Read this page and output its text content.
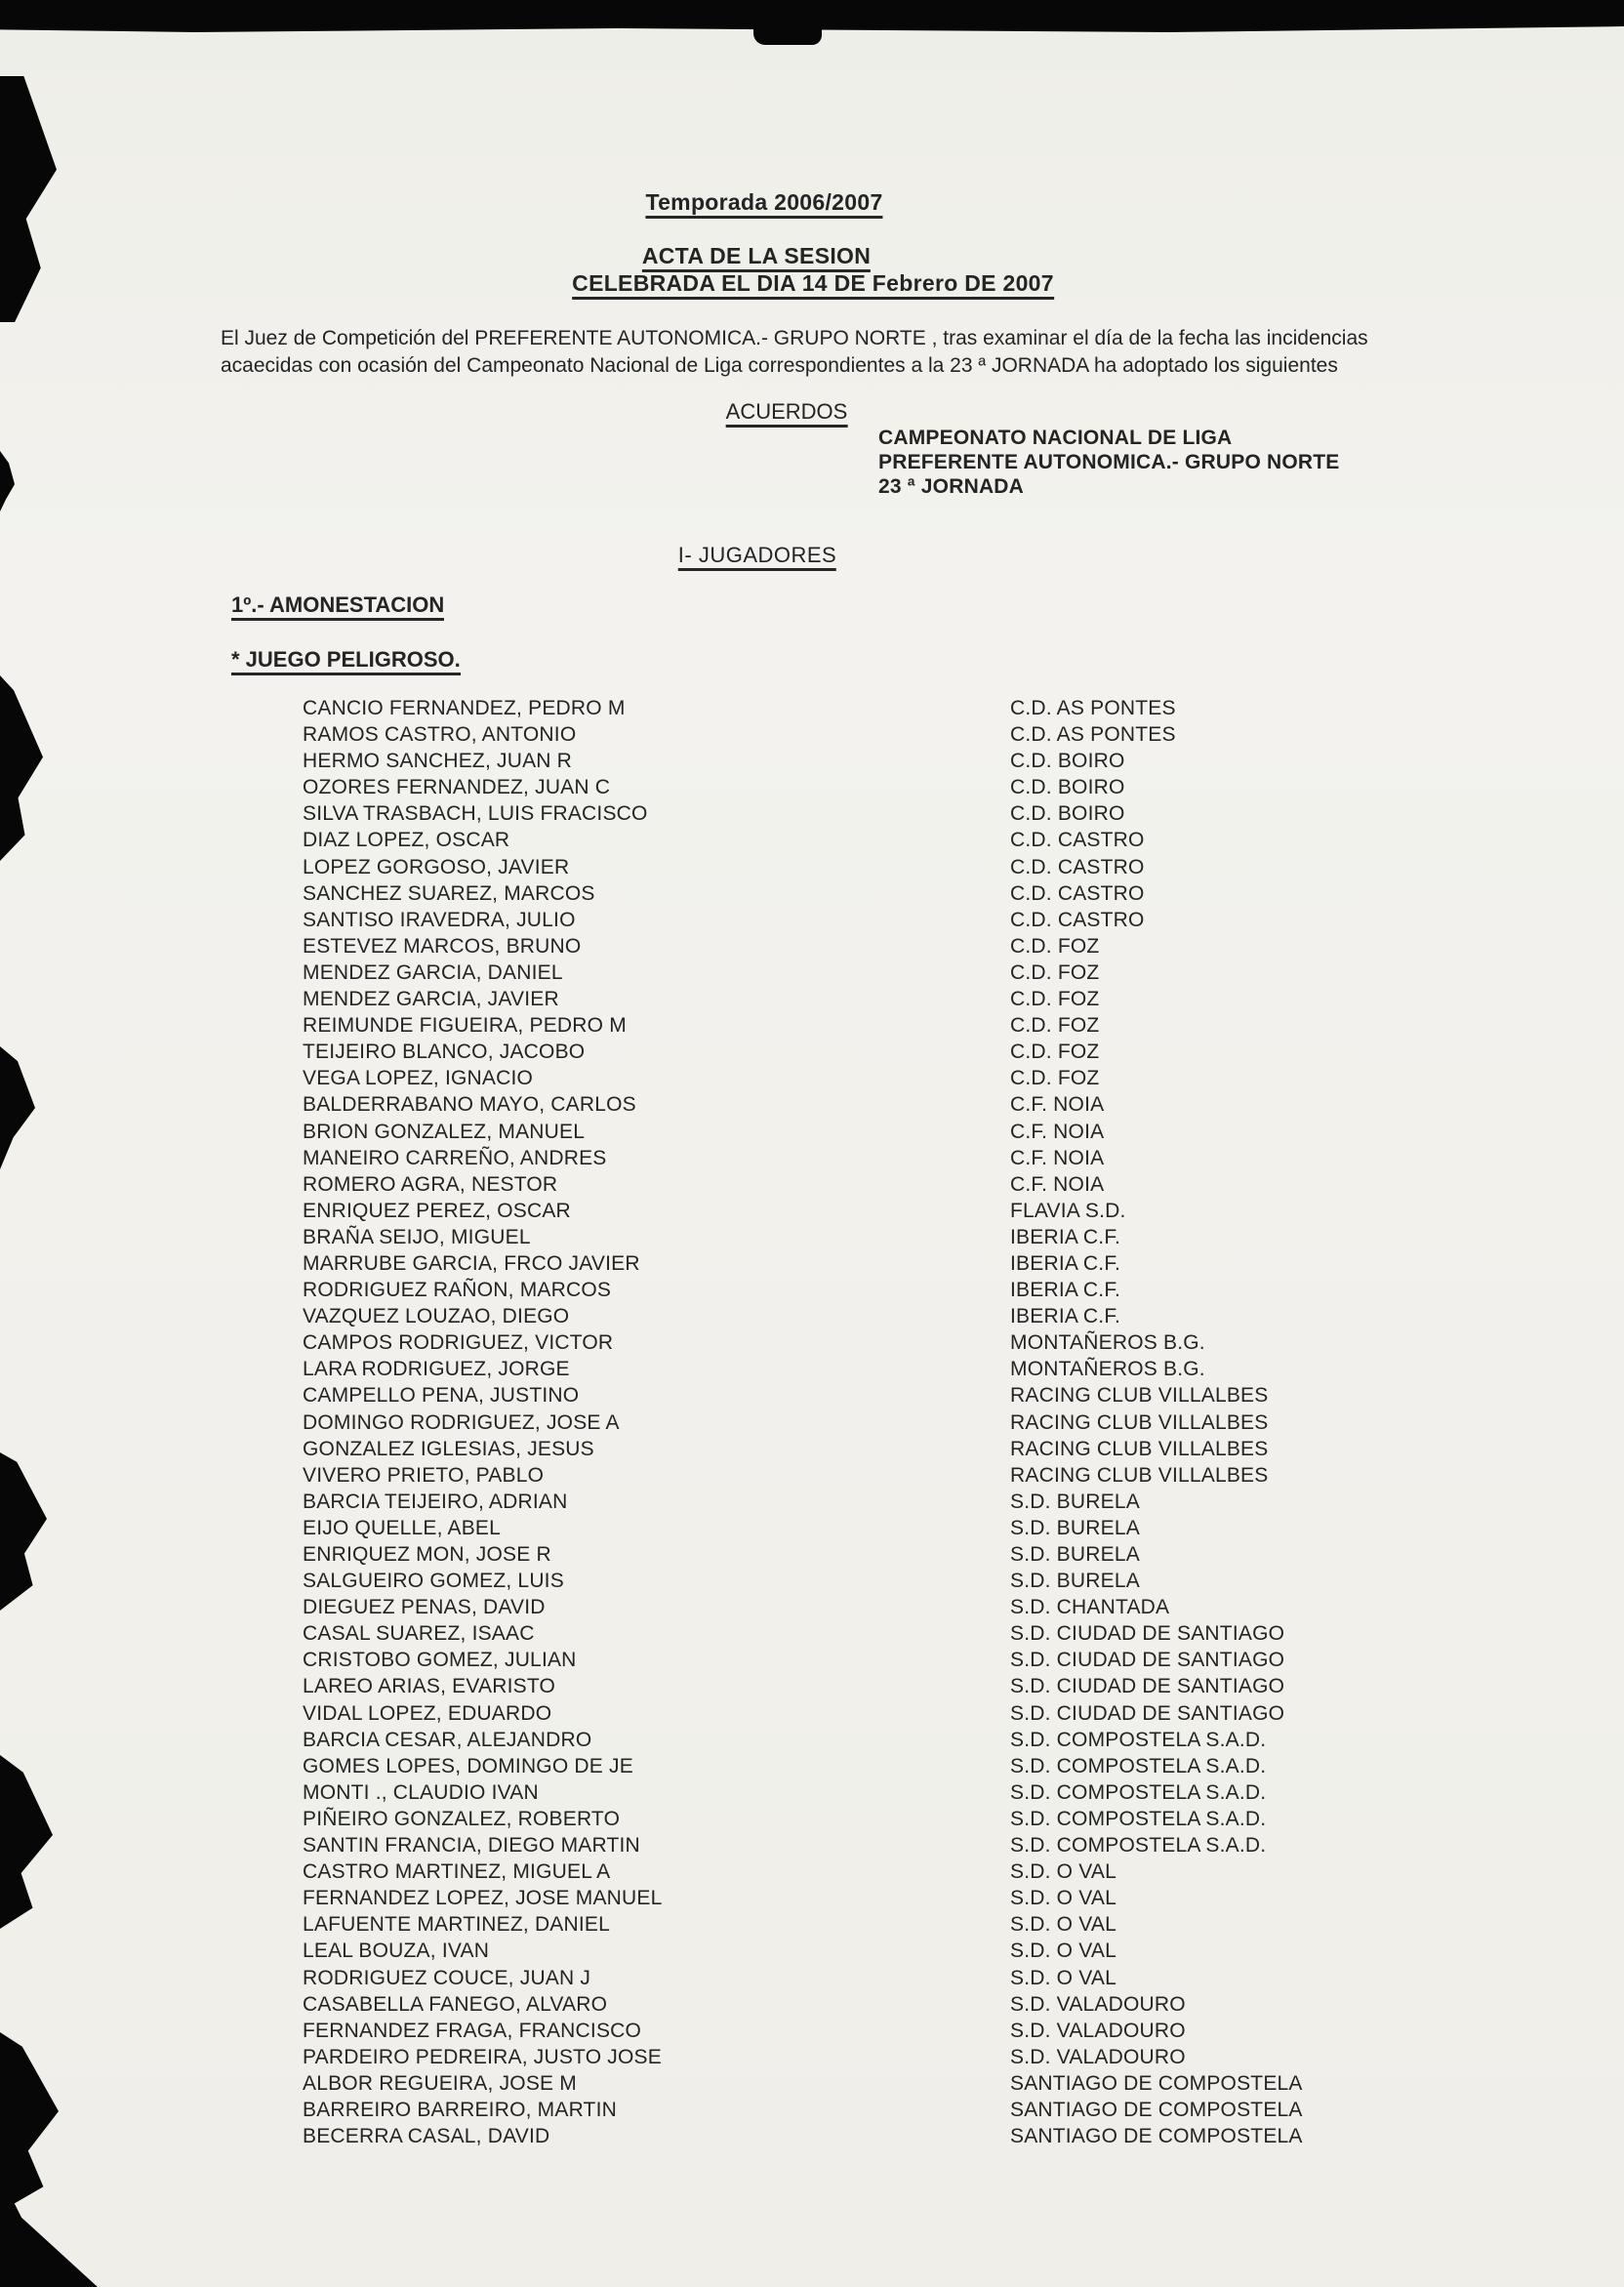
Temporada 2006/2007
ACTA DE LA SESION
CELEBRADA EL DIA 14 DE Febrero DE 2007
El Juez de Competición del PREFERENTE AUTONOMICA.- GRUPO NORTE , tras examinar el día de la fecha las incidencias acaecidas con ocasión del Campeonato Nacional de Liga correspondientes a la 23 ª JORNADA ha adoptado los siguientes
ACUERDOS
CAMPEONATO NACIONAL DE LIGA
PREFERENTE AUTONOMICA.- GRUPO NORTE
23 ª JORNADA
I- JUGADORES
1º.- AMONESTACION
* JUEGO PELIGROSO.
CANCIO FERNANDEZ, PEDRO M	C.D. AS PONTES
RAMOS CASTRO, ANTONIO	C.D. AS PONTES
HERMO SANCHEZ, JUAN R	C.D. BOIRO
OZORES FERNANDEZ, JUAN C	C.D. BOIRO
SILVA TRASBACH, LUIS FRACISCO	C.D. BOIRO
DIAZ LOPEZ, OSCAR	C.D. CASTRO
LOPEZ GORGOSO, JAVIER	C.D. CASTRO
SANCHEZ SUAREZ, MARCOS	C.D. CASTRO
SANTISO IRAVEDRA, JULIO	C.D. CASTRO
ESTEVEZ MARCOS, BRUNO	C.D. FOZ
MENDEZ GARCIA, DANIEL	C.D. FOZ
MENDEZ GARCIA, JAVIER	C.D. FOZ
REIMUNDE FIGUEIRA, PEDRO M	C.D. FOZ
TEIJEIRO BLANCO, JACOBO	C.D. FOZ
VEGA LOPEZ, IGNACIO	C.D. FOZ
BALDERRABANO MAYO, CARLOS	C.F. NOIA
BRION GONZALEZ, MANUEL	C.F. NOIA
MANEIRO CARREÑO, ANDRES	C.F. NOIA
ROMERO AGRA, NESTOR	C.F. NOIA
ENRIQUEZ PEREZ, OSCAR	FLAVIA S.D.
BRAÑA SEIJO, MIGUEL	IBERIA C.F.
MARRUBE GARCIA, FRCO JAVIER	IBERIA C.F.
RODRIGUEZ RAÑON, MARCOS	IBERIA C.F.
VAZQUEZ LOUZAO, DIEGO	IBERIA C.F.
CAMPOS RODRIGUEZ, VICTOR	MONTAÑEROS B.G.
LARA RODRIGUEZ, JORGE	MONTAÑEROS B.G.
CAMPELLO PENA, JUSTINO	RACING CLUB VILLALBES
DOMINGO RODRIGUEZ, JOSE A	RACING CLUB VILLALBES
GONZALEZ IGLESIAS, JESUS	RACING CLUB VILLALBES
VIVERO PRIETO, PABLO	RACING CLUB VILLALBES
BARCIA TEIJEIRO, ADRIAN	S.D. BURELA
EIJO QUELLE, ABEL	S.D. BURELA
ENRIQUEZ MON, JOSE R	S.D. BURELA
SALGUEIRO GOMEZ, LUIS	S.D. BURELA
DIEGUEZ PENAS, DAVID	S.D. CHANTADA
CASAL SUAREZ, ISAAC	S.D. CIUDAD DE SANTIAGO
CRISTOBO GOMEZ, JULIAN	S.D. CIUDAD DE SANTIAGO
LAREO ARIAS, EVARISTO	S.D. CIUDAD DE SANTIAGO
VIDAL LOPEZ, EDUARDO	S.D. CIUDAD DE SANTIAGO
BARCIA CESAR, ALEJANDRO	S.D. COMPOSTELA S.A.D.
GOMES LOPES, DOMINGO DE JE	S.D. COMPOSTELA S.A.D.
MONTI ., CLAUDIO IVAN	S.D. COMPOSTELA S.A.D.
PIÑEIRO GONZALEZ, ROBERTO	S.D. COMPOSTELA S.A.D.
SANTIN FRANCIA, DIEGO MARTIN	S.D. COMPOSTELA S.A.D.
CASTRO MARTINEZ, MIGUEL A	S.D. O VAL
FERNANDEZ LOPEZ, JOSE MANUEL	S.D. O VAL
LAFUENTE MARTINEZ, DANIEL	S.D. O VAL
LEAL BOUZA, IVAN	S.D. O VAL
RODRIGUEZ COUCE, JUAN J	S.D. O VAL
CASABELLA FANEGO, ALVARO	S.D. VALADOURO
FERNANDEZ FRAGA, FRANCISCO	S.D. VALADOURO
PARDEIRO PEDREIRA, JUSTO JOSE	S.D. VALADOURO
ALBOR REGUEIRA, JOSE M	SANTIAGO DE COMPOSTELA
BARREIRO BARREIRO, MARTIN	SANTIAGO DE COMPOSTELA
BECERRA CASAL, DAVID	SANTIAGO DE COMPOSTELA
